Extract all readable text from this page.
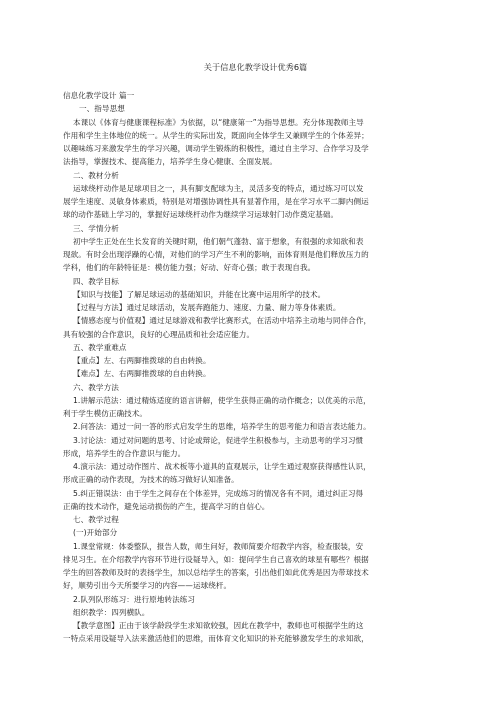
关于信息化教学设计优秀6篇
信息化教学设计 篇一
一、指导思想
本课以《体育与健康课程标准》为依据，以“健康第一”为指导思想。充分体现教师主导
作用和学生主体地位的统一。从学生的实际出发，既面向全体学生又兼顾学生的个体差异；
以趣味练习来激发学生的学习兴趣，调动学生锻炼的积极性，通过自主学习、合作学习及学
法指导，掌握技术、提高能力，培养学生身心健康、全面发展。
二、教材分析
运球绕杆动作是足球项目之一，具有脚支配球为主，灵活多变的特点，通过练习可以发
展学生速度、灵敏身体素质，特别是对增强协调性具有显著作用，是在学习水平二脚内侧运
球的动作基础上学习的，掌握好运球绕杆动作为继续学习运球射门动作奠定基础。
三、学情分析
初中学生正处在生长发育的关键时期，他们朝气蓬勃、富于想象，有很强的求知欲和表
现欲。有时会出现浮躁的心情，对他们的学习产生不利的影响，而体育则是他们释放压力的
学科，他们的年龄特征是：模仿能力强；好动、好奇心强；敢于表现自我。
四、教学目标
【知识与技能】了解足球运动的基础知识，并能在比赛中运用所学的技术。
【过程与方法】通过足球活动，发展奔跑能力、速度、力量、耐力等身体素质。
【情感态度与价值观】通过足球游戏和教学比赛形式，在活动中培养主动地与同伴合作，
具有较强的合作意识，良好的心理品质和社会适应能力。
五、教学重难点
【重点】左、右两脚推拨球的自由转换。
【难点】左、右两脚推拨球的自由转换。
六、教学方法
1.讲解示范法：通过精炼适度的语言讲解，使学生获得正确的动作概念；以优美的示范，
利于学生模仿正确技术。
2.问答法：通过一问一答的形式启发学生的思维，培养学生的思考能力和语言表达能力。
3.讨论法：通过对问题的思考、讨论或辩论，促进学生积极参与，主动思考的学习习惯
形成，培养学生的合作意识与能力。
4.演示法：通过动作图片、战术板等小道具的直观展示，让学生通过观察获得感性认识，
形成正确的动作表现，为技术的练习做好认知准备。
5.纠正错误法：由于学生之间存在个体差异，完成练习的情况各有不同，通过纠正习得
正确的技术动作，避免运动损伤的产生，提高学习的自信心。
七、教学过程
(一)开始部分
1.课堂常规：体委整队，报告人数，师生问好，教师简要介绍教学内容，检查服装，安
排见习生。在介绍教学内容环节进行设疑导入，如：提问学生自己喜欢的球星有哪些？根据
学生的回答教师及时的表扬学生，加以总结学生的答案，引出他们如此优秀是因为带球技术
好，顺势引出今天所要学习的内容——运球绕杆。
2.队列队形练习：进行原地转法练习
组织教学：四列横队。
【教学意图】正由于该学龄段学生求知欲较强，因此在教学中，教师也可根据学生的这
一特点采用设疑导入法来激活他们的思维，而体育文化知识的补充能够激发学生的求知欲，
